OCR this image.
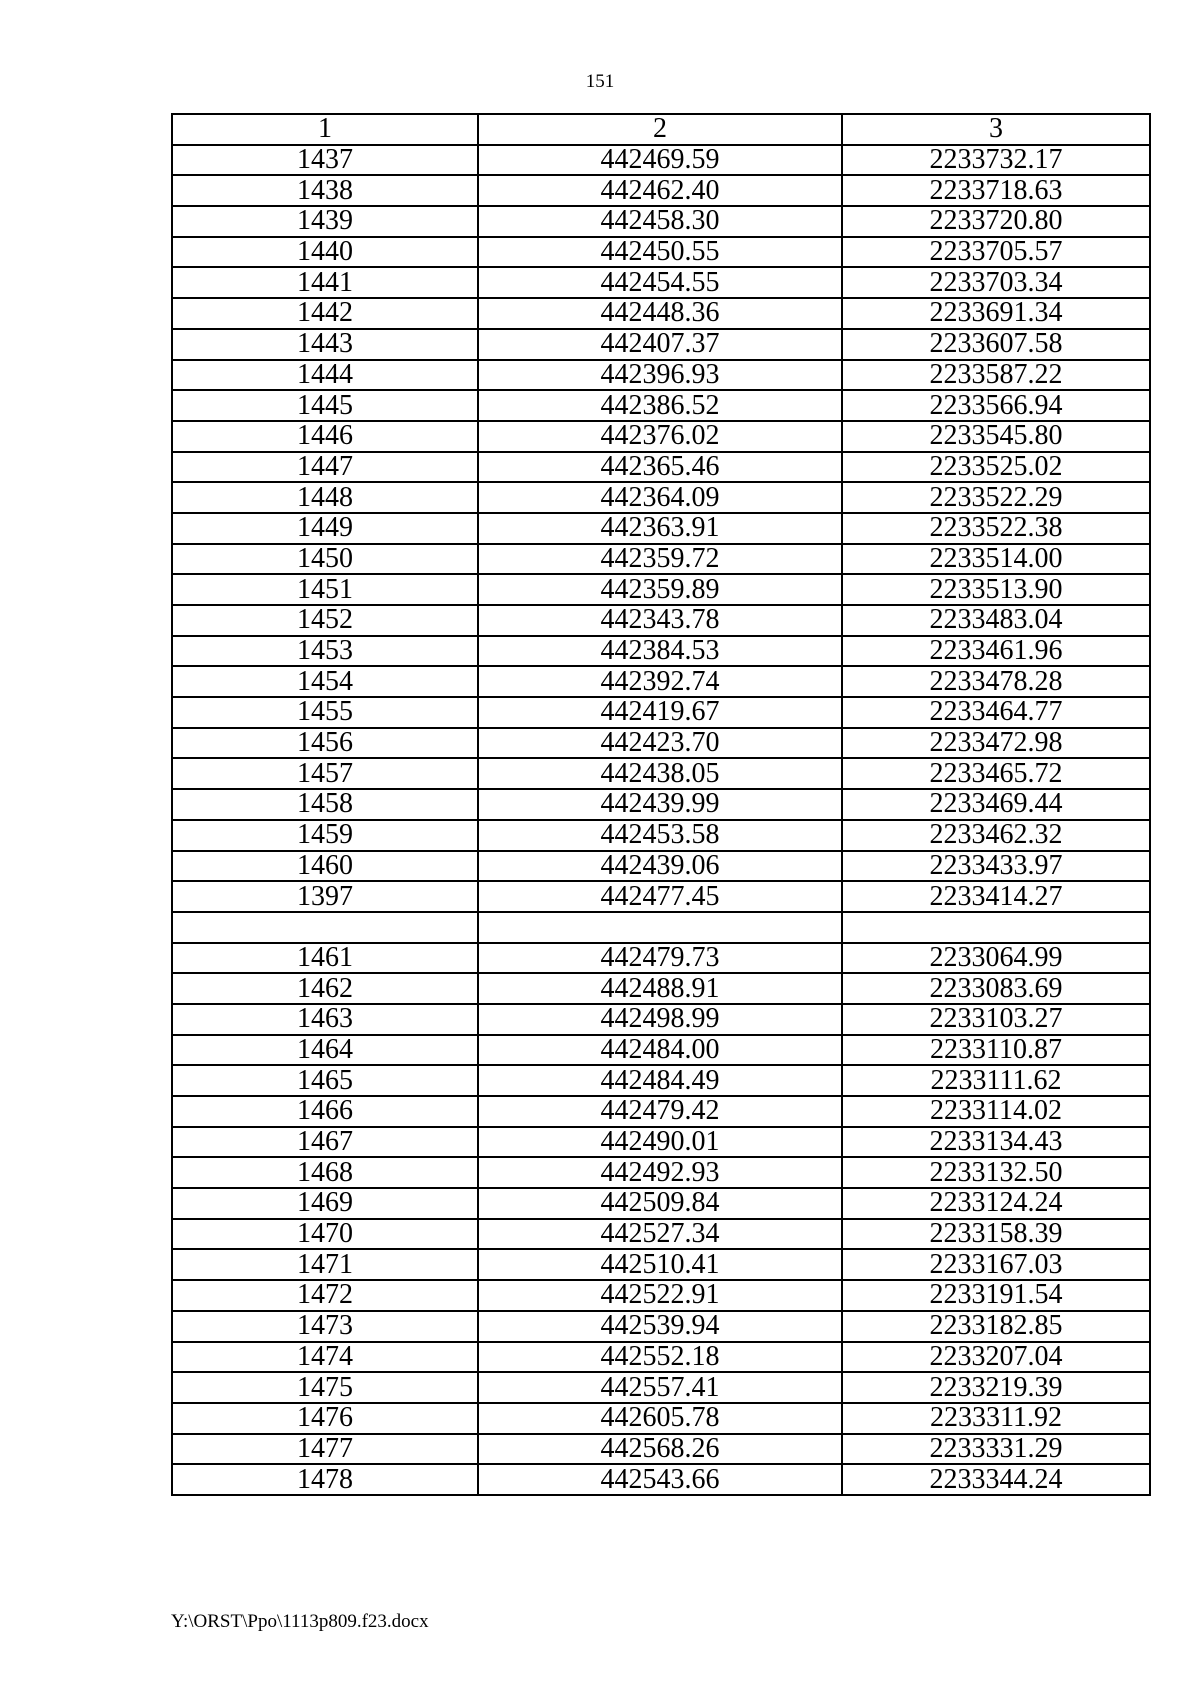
151
1	2	3
1437	442469.59	2233732.17
1438	442462.40	2233718.63
1439	442458.30	2233720.80
1440	442450.55	2233705.57
1441	442454.55	2233703.34
1442	442448.36	2233691.34
1443	442407.37	2233607.58
1444	442396.93	2233587.22
1445	442386.52	2233566.94
1446	442376.02	2233545.80
1447	442365.46	2233525.02
1448	442364.09	2233522.29
1449	442363.91	2233522.38
1450	442359.72	2233514.00
1451	442359.89	2233513.90
1452	442343.78	2233483.04
1453	442384.53	2233461.96
1454	442392.74	2233478.28
1455	442419.67	2233464.77
1456	442423.70	2233472.98
1457	442438.05	2233465.72
1458	442439.99	2233469.44
1459	442453.58	2233462.32
1460	442439.06	2233433.97
1397	442477.45	2233414.27

1461	442479.73	2233064.99
1462	442488.91	2233083.69
1463	442498.99	2233103.27
1464	442484.00	2233110.87
1465	442484.49	2233111.62
1466	442479.42	2233114.02
1467	442490.01	2233134.43
1468	442492.93	2233132.50
1469	442509.84	2233124.24
1470	442527.34	2233158.39
1471	442510.41	2233167.03
1472	442522.91	2233191.54
1473	442539.94	2233182.85
1474	442552.18	2233207.04
1475	442557.41	2233219.39
1476	442605.78	2233311.92
1477	442568.26	2233331.29
1478	442543.66	2233344.24
Y:\ORST\Ppo\1113p809.f23.docx
